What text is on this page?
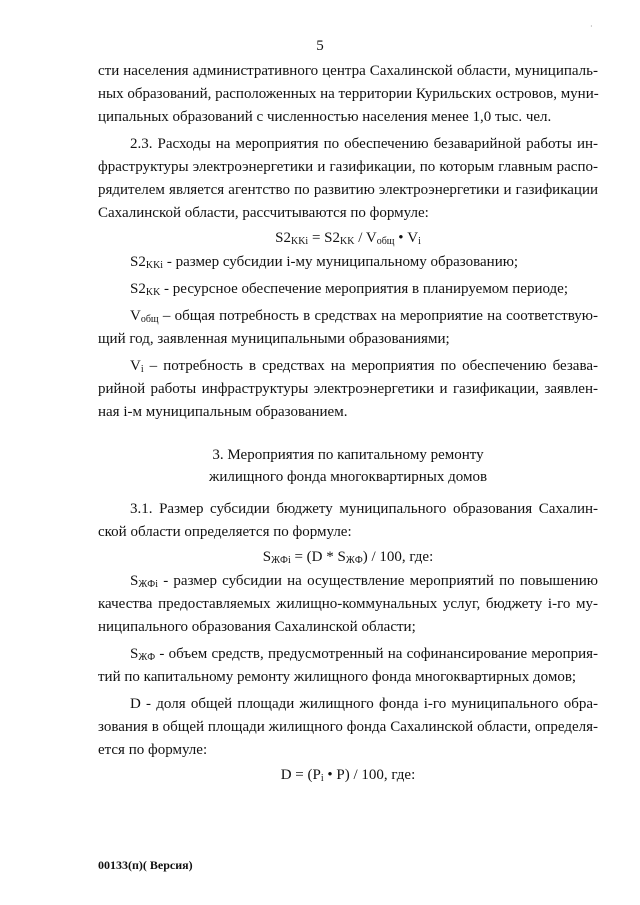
·
5
сти населения административного центра Сахалинской области, муниципаль-
ных образований, расположенных на территории Курильских островов, муни-
ципальных образований с численностью населения менее 1,0 тыс. чел.
2.3. Расходы на мероприятия по обеспечению безаварийной работы ин-
фраструктуры электроэнергетики и газификации, по которым главным распо-
рядителем является агентство по развитию электроэнергетики и газификации
Сахалинской области, рассчитываются по формуле:
$S2_{KKi} = S2_{KK} / V_{общ}$ • $V_i$
$S2_{KKi}$ - размер субсидии i-му муниципальному образованию;
$S2_{KK}$ - ресурсное обеспечение мероприятия в планируемом периоде;
$V_{общ}$ – общая потребность в средствах на мероприятие на соответствую-
щий год, заявленная муниципальными образованиями;
$V_i$ – потребность в средствах на мероприятия по обеспечению безава-
рийной работы инфраструктуры электроэнергетики и газификации, заявлен-
ная i-м муниципальным образованием.
3. Мероприятия по капитальному ремонту
жилищного фонда многоквартирных домов
3.1. Размер субсидии бюджету муниципального образования Сахалин-
ской области определяется по формуле:
$S_{ЖФi} = (D * S_{ЖФ}) / 100$, где:
$S_{ЖФi}$ - размер субсидии на осуществление мероприятий по повышению
качества предоставляемых жилищно-коммунальных услуг, бюджету i-го му-
ниципального образования Сахалинской области;
$S_{ЖФ}$ - объем средств, предусмотренный на софинансирование мероприя-
тий по капитальному ремонту жилищного фонда многоквартирных домов;
D - доля общей площади жилищного фонда i-го муниципального обра-
зования в общей площади жилищного фонда Сахалинской области, определя-
ется по формуле:
$D = (P_i$ • P) / 100, где:
00133(п)( Версия)
